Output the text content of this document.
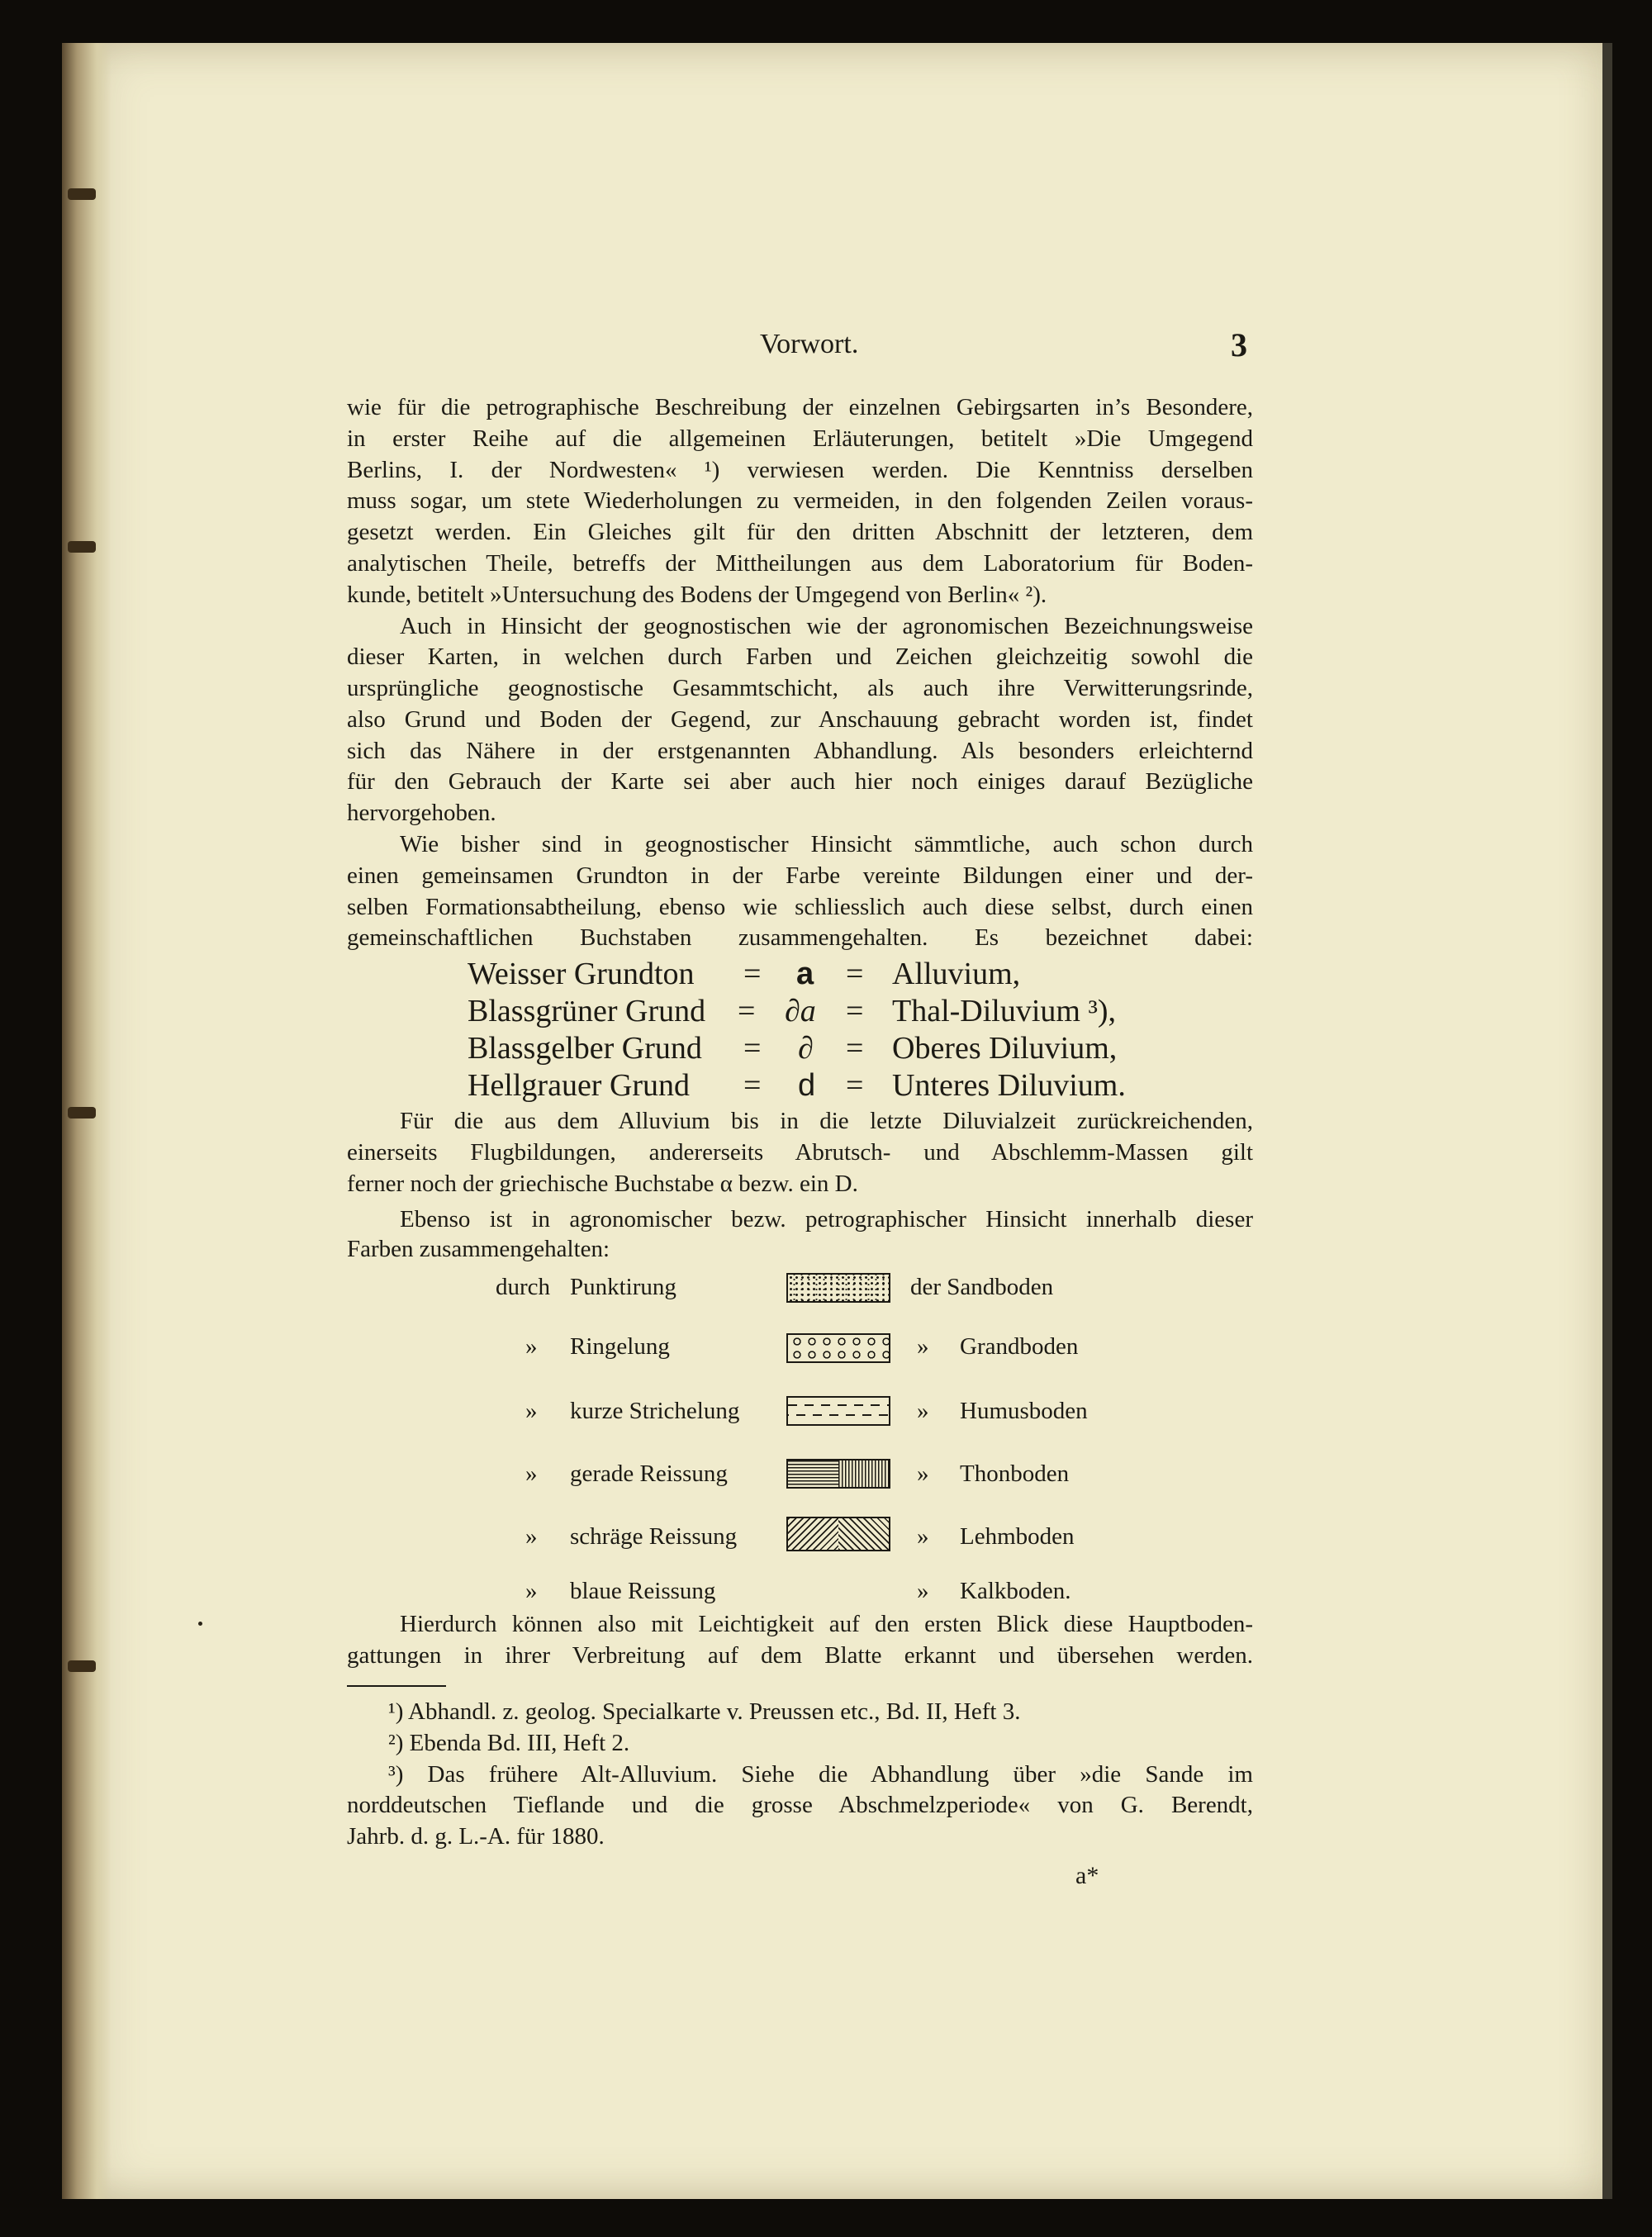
Vorwort.	3
wie für die petrographische Beschreibung der einzelnen Gebirgsarten in’s Besondere,
in erster Reihe auf die allgemeinen Erläuterungen, betitelt »Die Umgegend
Berlins, I. der Nordwesten« ¹) verwiesen werden. Die Kenntniss derselben
muss sogar, um stete Wiederholungen zu vermeiden, in den folgenden Zeilen voraus-
gesetzt werden. Ein Gleiches gilt für den dritten Abschnitt der letzteren, dem
analytischen Theile, betreffs der Mittheilungen aus dem Laboratorium für Boden-
kunde, betitelt »Untersuchung des Bodens der Umgegend von Berlin« ²).
Auch in Hinsicht der geognostischen wie der agronomischen Bezeichnungsweise
dieser Karten, in welchen durch Farben und Zeichen gleichzeitig sowohl die
ursprüngliche geognostische Gesammtschicht, als auch ihre Verwitterungsrinde,
also Grund und Boden der Gegend, zur Anschauung gebracht worden ist, findet
sich das Nähere in der erstgenannten Abhandlung. Als besonders erleichternd
für den Gebrauch der Karte sei aber auch hier noch einiges darauf Bezügliche
hervorgehoben.
Wie bisher sind in geognostischer Hinsicht sämmtliche, auch schon durch
einen gemeinsamen Grundton in der Farbe vereinte Bildungen einer und der-
selben Formationsabtheilung, ebenso wie schliesslich auch diese selbst, durch einen
gemeinschaftlichen Buchstaben zusammengehalten. Es bezeichnet dabei:
Weisser Grundton = a = Alluvium,
Blassgrüner Grund = ∂a = Thal-Diluvium ³),
Blassgelber Grund = ∂ = Oberes Diluvium,
Hellgrauer Grund = d = Unteres Diluvium.
Für die aus dem Alluvium bis in die letzte Diluvialzeit zurückreichenden,
einerseits Flugbildungen, andererseits Abrutsch- und Abschlemm-Massen gilt
ferner noch der griechische Buchstabe α bezw. ein D.
Ebenso ist in agronomischer bezw. petrographischer Hinsicht innerhalb dieser
Farben zusammengehalten:
durch Punktirung	der Sandboden
» Ringelung	» Grandboden
» kurze Strichelung	» Humusboden
» gerade Reissung	» Thonboden
» schräge Reissung	» Lehmboden
» blaue Reissung	» Kalkboden.
Hierdurch können also mit Leichtigkeit auf den ersten Blick diese Hauptboden-
gattungen in ihrer Verbreitung auf dem Blatte erkannt und übersehen werden.
¹) Abhandl. z. geolog. Specialkarte v. Preussen etc., Bd. II, Heft 3.
²) Ebenda Bd. III, Heft 2.
³) Das frühere Alt-Alluvium. Siehe die Abhandlung über »die Sande im
norddeutschen Tieflande und die grosse Abschmelzperiode« von G. Berendt,
Jahrb. d. g. L.-A. für 1880.
a*
